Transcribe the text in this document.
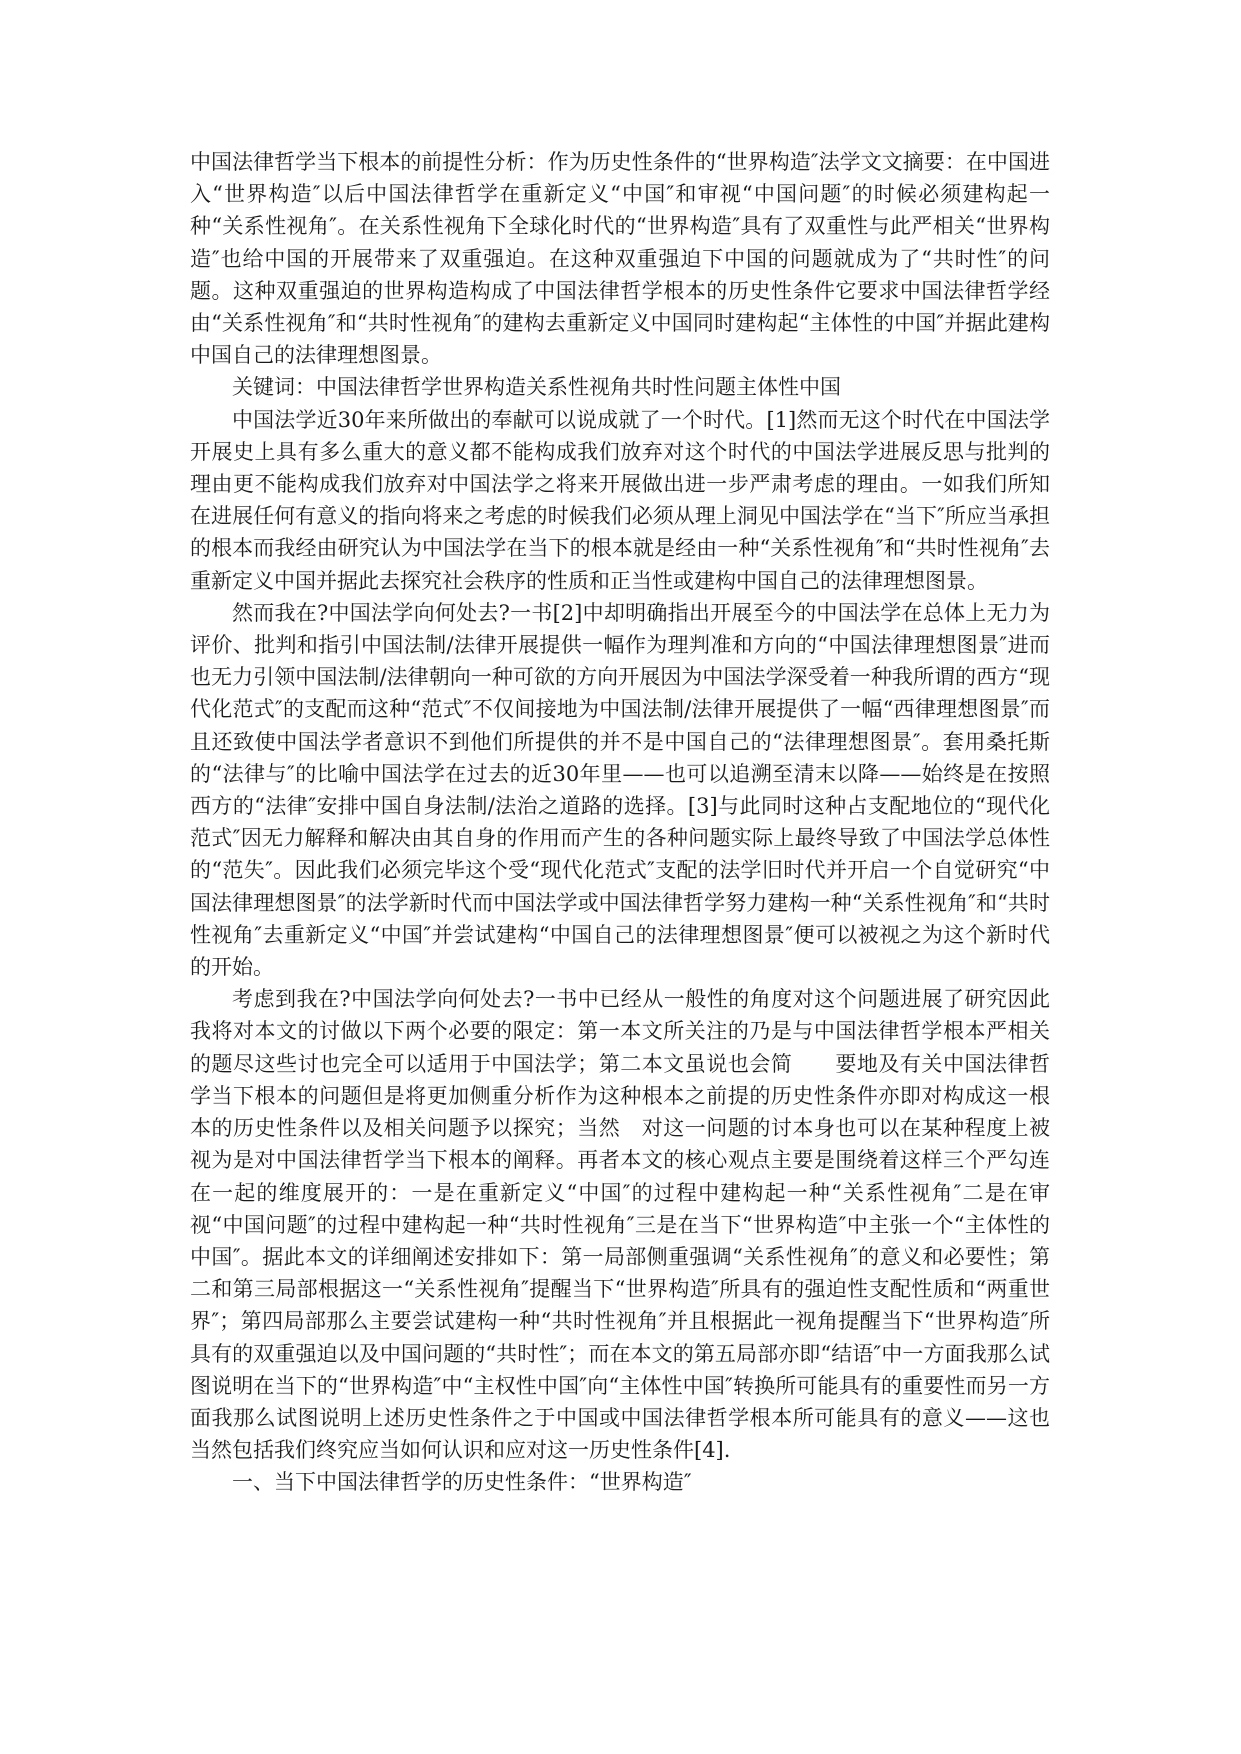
中国法律哲学当下根本的前提性分析：作为历史性条件的“世界构造″法学文文摘要：在中国进入“世界构造″以后中国法律哲学在重新定义“中国″和审视“中国问题″的时候必须建构起一种“关系性视角″。在关系性视角下全球化时代的“世界构造″具有了双重性与此严相关“世界构造″也给中国的开展带来了双重强迫。在这种双重强迫下中国的问题就成为了“共时性″的问题。这种双重强迫的世界构造构成了中国法律哲学根本的历史性条件它要求中国法律哲学经由“关系性视角″和“共时性视角″的建构去重新定义中国同时建构起“主体性的中国″并据此建构中国自己的法律理想图景。

关键词：中国法律哲学世界构造关系性视角共时性问题主体性中国

中国法学近30年来所做出的奉献可以说成就了一个时代。[1]然而无这个时代在中国法学开展史上具有多么重大的意义都不能构成我们放弃对这个时代的中国法学进展反思与批判的理由更不能构成我们放弃对中国法学之将来开展做出进一步严肃考虑的理由。一如我们所知在进展任何有意义的指向将来之考虑的时候我们必须从理上洞见中国法学在“当下″所应当承担的根本而我经由研究认为中国法学在当下的根本就是经由一种“关系性视角″和“共时性视角″去重新定义中国并据此去探究社会秩序的性质和正当性或建构中国自己的法律理想图景。

然而我在?中国法学向何处去?一书[2]中却明确指出开展至今的中国法学在总体上无力为评价、批判和指引中国法制/法律开展提供一幅作为理判准和方向的“中国法律理想图景″进而也无力引领中国法制/法律朝向一种可欲的方向开展因为中国法学深受着一种我所谓的西方“现代化范式″的支配而这种“范式″不仅间接地为中国法制/法律开展提供了一幅“西律理想图景″而且还致使中国法学者意识不到他们所提供的并不是中国自己的“法律理想图景″。套用桑托斯的“法律与″的比喻中国法学在过去的近30年里——也可以追溯至清末以降——始终是在按照西方的“法律″安排中国自身法制/法治之道路的选择。[3]与此同时这种占支配地位的“现代化范式″因无力解释和解决由其自身的作用而产生的各种问题实际上最终导致了中国法学总体性的“范失″。因此我们必须完毕这个受“现代化范式″支配的法学旧时代并开启一个自觉研究“中国法律理想图景″的法学新时代而中国法学或中国法律哲学努力建构一种“关系性视角″和“共时性视角″去重新定义“中国″并尝试建构“中国自己的法律理想图景″便可以被视之为这个新时代的开始。

考虑到我在?中国法学向何处去?一书中已经从一般性的角度对这个问题进展了研究因此我将对本文的讨做以下两个必要的限定：第一本文所关注的乃是与中国法律哲学根本严相关的题尽这些讨也完全可以适用于中国法学；第二本文虽说也会简　　要地及有关中国法律哲学当下根本的问题但是将更加侧重分析作为这种根本之前提的历史性条件亦即对构成这一根本的历史性条件以及相关问题予以探究；当然　对这一问题的讨本身也可以在某种程度上被视为是对中国法律哲学当下根本的阐释。再者本文的核心观点主要是围绕着这样三个严勾连在一起的维度展开的：一是在重新定义“中国″的过程中建构起一种“关系性视角″二是在审视“中国问题″的过程中建构起一种“共时性视角″三是在当下“世界构造″中主张一个“主体性的中国″。据此本文的详细阐述安排如下：第一局部侧重强调“关系性视角″的意义和必要性；第二和第三局部根据这一“关系性视角″提醒当下“世界构造″所具有的强迫性支配性质和“两重世界″；第四局部那么主要尝试建构一种“共时性视角″并且根据此一视角提醒当下“世界构造″所具有的双重强迫以及中国问题的“共时性″；而在本文的第五局部亦即“结语″中一方面我那么试图说明在当下的“世界构造″中“主权性中国″向“主体性中国″转换所可能具有的重要性而另一方面我那么试图说明上述历史性条件之于中国或中国法律哲学根本所可能具有的意义——这也当然包括我们终究应当如何认识和应对这一历史性条件[4].

一、当下中国法律哲学的历史性条件：“世界构造″
